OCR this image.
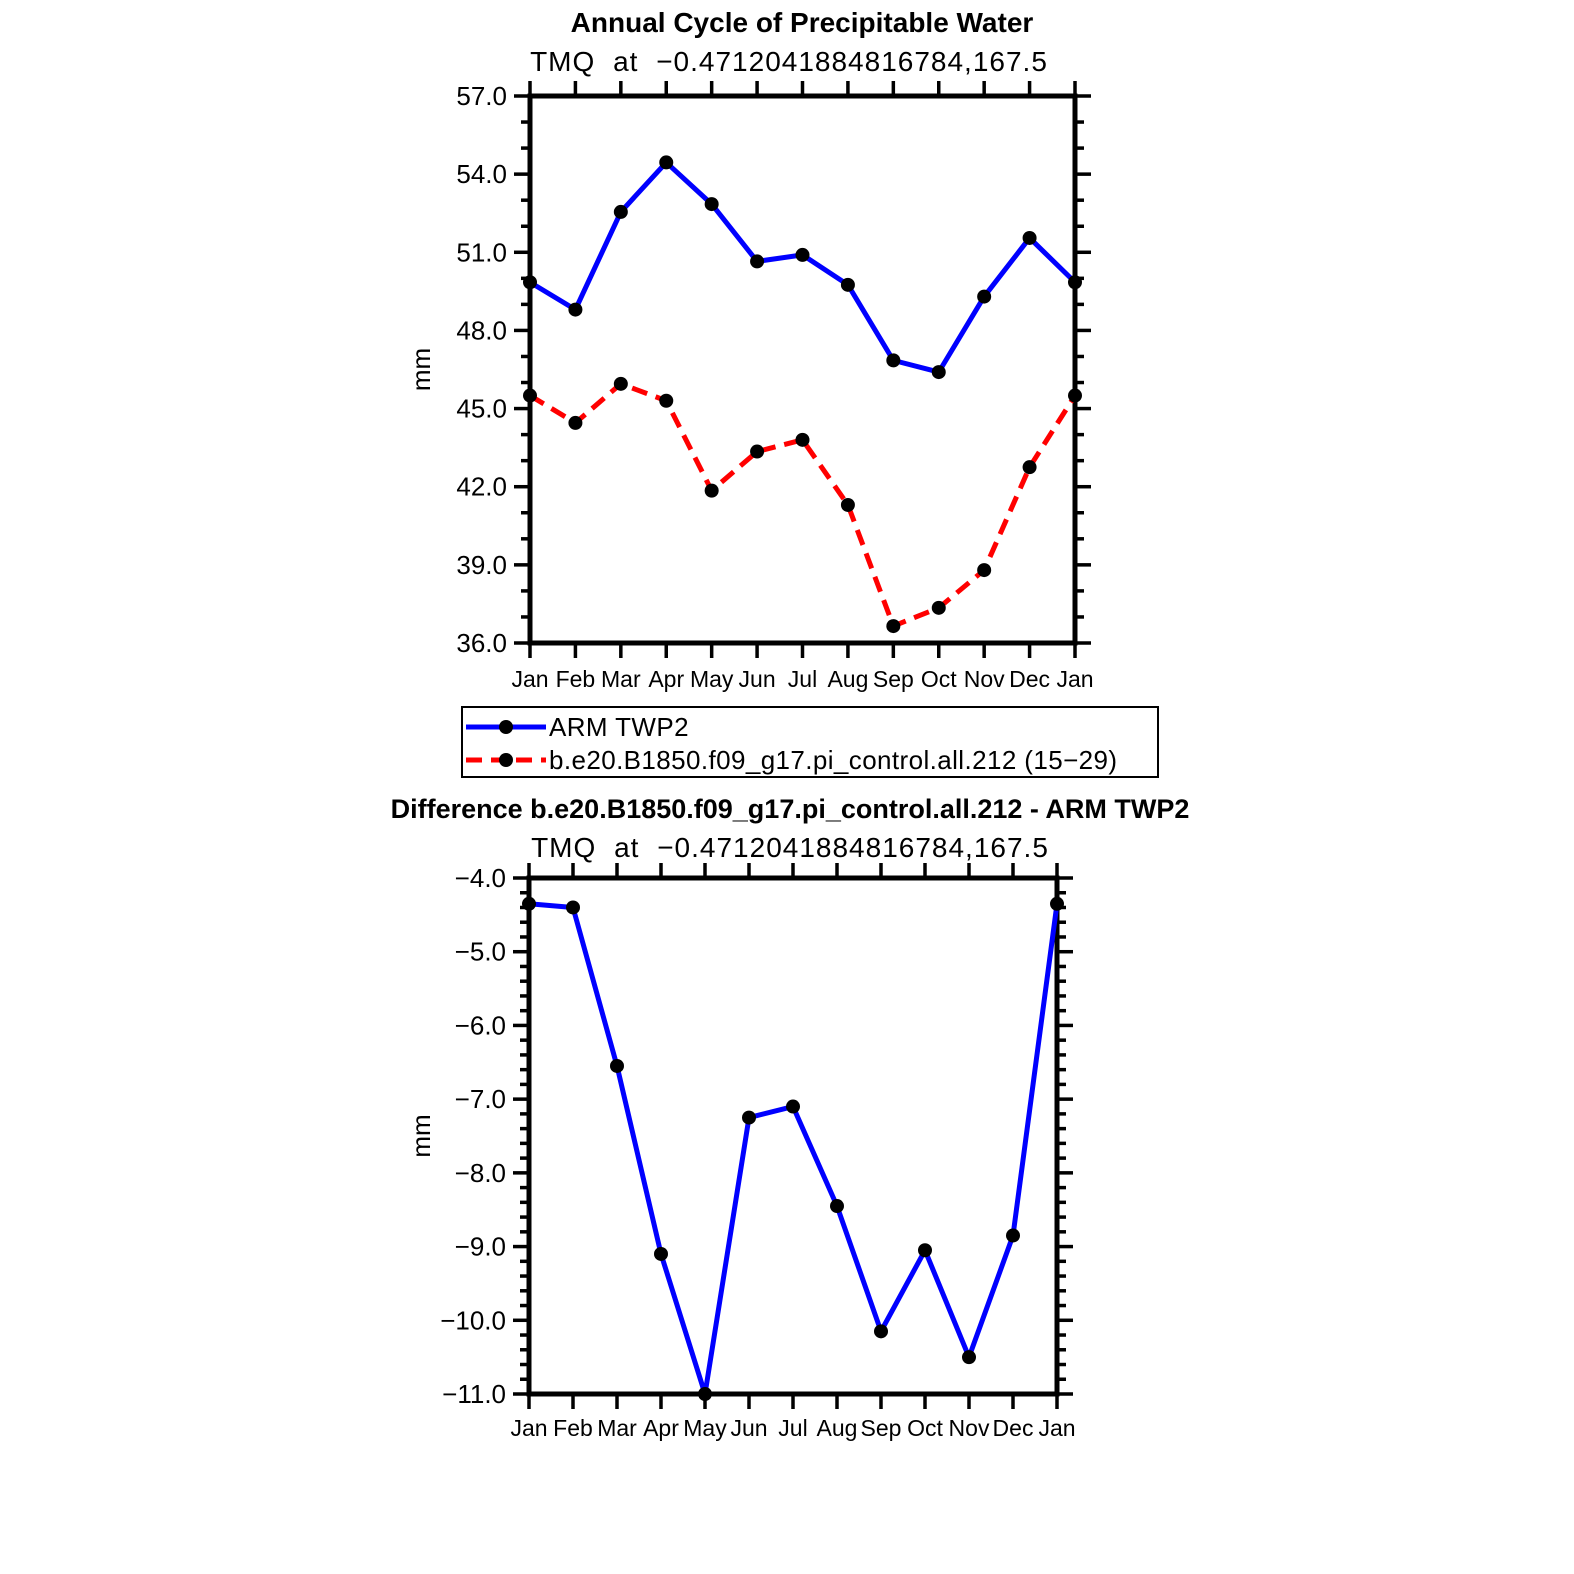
Annual Cycle of Precipitable Water
TMQ at −0.4712041884816784,167.5
Jan Feb Mar Apr May Jun Jul Aug Sep Oct Nov Dec Jan
36.0
39.0
42.0
45.0
48.0
51.0
54.0
57.0
mm
Jan Feb Mar Apr May Jun Jul Aug Sep Oct Nov Dec Jan
−11.0
−10.0
−9.0
−8.0
−7.0
−6.0
−5.0
−4.0
mm
ARM TWP2
b.e20.B1850.f09_g17.pi_control.all.212 (15−29)
Difference b.e20.B1850.f09_g17.pi_control.all.212 - ARM TWP2
TMQ at −0.4712041884816784,167.5
